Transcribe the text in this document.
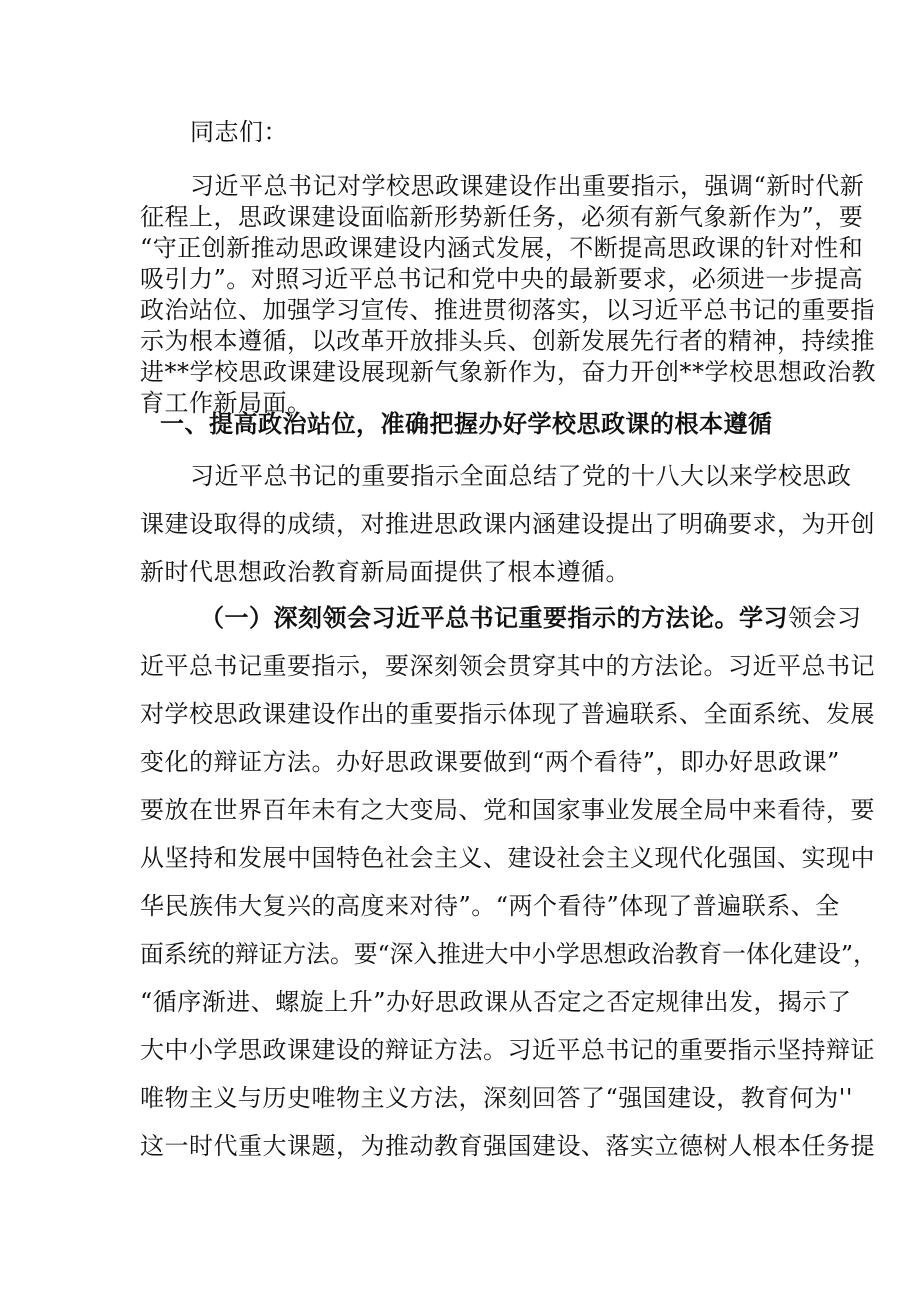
同志们：
习近平总书记对学校思政课建设作出重要指示，强调“新时代新
征程上，思政课建设面临新形势新任务，必须有新气象新作为”，要
“守正创新推动思政课建设内涵式发展，不断提高思政课的针对性和
吸引力”。对照习近平总书记和党中央的最新要求，必须进一步提高
政治站位、加强学习宣传、推进贯彻落实，以习近平总书记的重要指
示为根本遵循，以改革开放排头兵、创新发展先行者的精神，持续推
进**学校思政课建设展现新气象新作为，奋力开创**学校思想政治教
育工作新局面。
一、提高政治站位，准确把握办好学校思政课的根本遵循
习近平总书记的重要指示全面总结了党的十八大以来学校思政
课建设取得的成绩，对推进思政课内涵建设提出了明确要求，为开创
新时代思想政治教育新局面提供了根本遵循。
（一）深刻领会习近平总书记重要指示的方法论。学习领会习
近平总书记重要指示，要深刻领会贯穿其中的方法论。习近平总书记
对学校思政课建设作出的重要指示体现了普遍联系、全面系统、发展
变化的辩证方法。办好思政课要做到“两个看待”，即办好思政课”
要放在世界百年未有之大变局、党和国家事业发展全局中来看待，要
从坚持和发展中国特色社会主义、建设社会主义现代化强国、实现中
华民族伟大复兴的高度来对待”。“两个看待”体现了普遍联系、全
面系统的辩证方法。要“深入推进大中小学思想政治教育一体化建设”，
“循序渐进、螺旋上升”办好思政课从否定之否定规律出发，揭示了
大中小学思政课建设的辩证方法。习近平总书记的重要指示坚持辩证
唯物主义与历史唯物主义方法，深刻回答了“强国建设，教育何为''
这一时代重大课题，为推动教育强国建设、落实立德树人根本任务提
